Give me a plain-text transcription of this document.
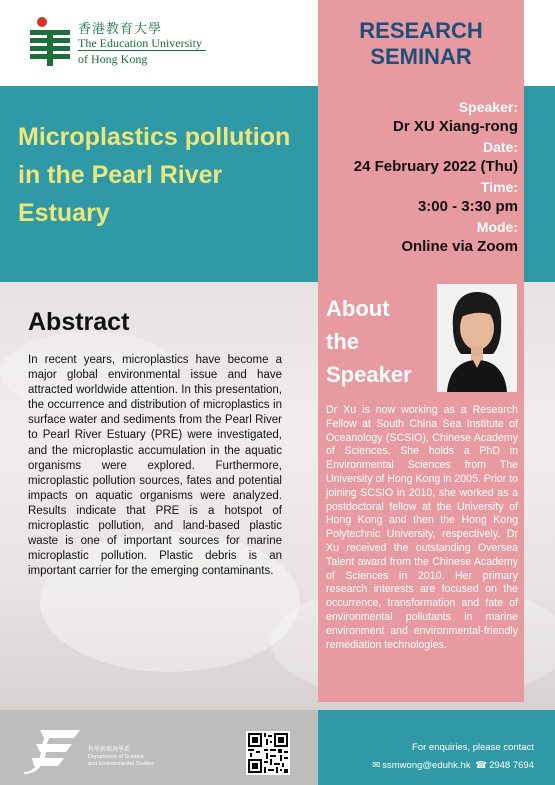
香港教育大學
The Education University
of Hong Kong
RESEARCH
SEMINAR
Microplastics pollution
in the Pearl River
Estuary
Speaker:
Dr XU Xiang-rong
Date:
24 February 2022 (Thu)
Time:
3:00 - 3:30 pm
Mode:
Online via Zoom
Abstract
In recent years, microplastics have become a major global environmental issue and have attracted worldwide attention. In this presentation, the occurrence and distribution of microplastics in surface water and sediments from the Pearl River to Pearl River Estuary (PRE) were investigated, and the microplastic accumulation in the aquatic organisms were explored. Furthermore, microplastic pollution sources, fates and potential impacts on aquatic organisms were analyzed. Results indicate that PRE is a hotspot of microplastic pollution, and land-based plastic waste is one of important sources for marine microplastic pollution. Plastic debris is an important carrier for the emerging contaminants.
About
the
Speaker
Dr Xu is now working as a Research Fellow at South China Sea Institute of Oceanology (SCSIO), Chinese Academy of Sciences. She holds a PhD in Environmental Sciences from The University of Hong Kong in 2005. Prior to joining SCSIO in 2010, she worked as a postdoctoral fellow at the University of Hong Kong and then the Hong Kong Polytechnic University, respectively. Dr Xu received the outstanding Oversea Talent award from the Chinese Academy of Sciences in 2010. Her primary research interests are focused on the occurrence, transformation and fate of environmental pollutants in marine environment and environmental-friendly remediation technologies.
科學與環境學系
Department of Science
and Environmental Studies
For enquiries, please contact
✉ ssmwong@eduhk.hk ☎ 2948 7694
